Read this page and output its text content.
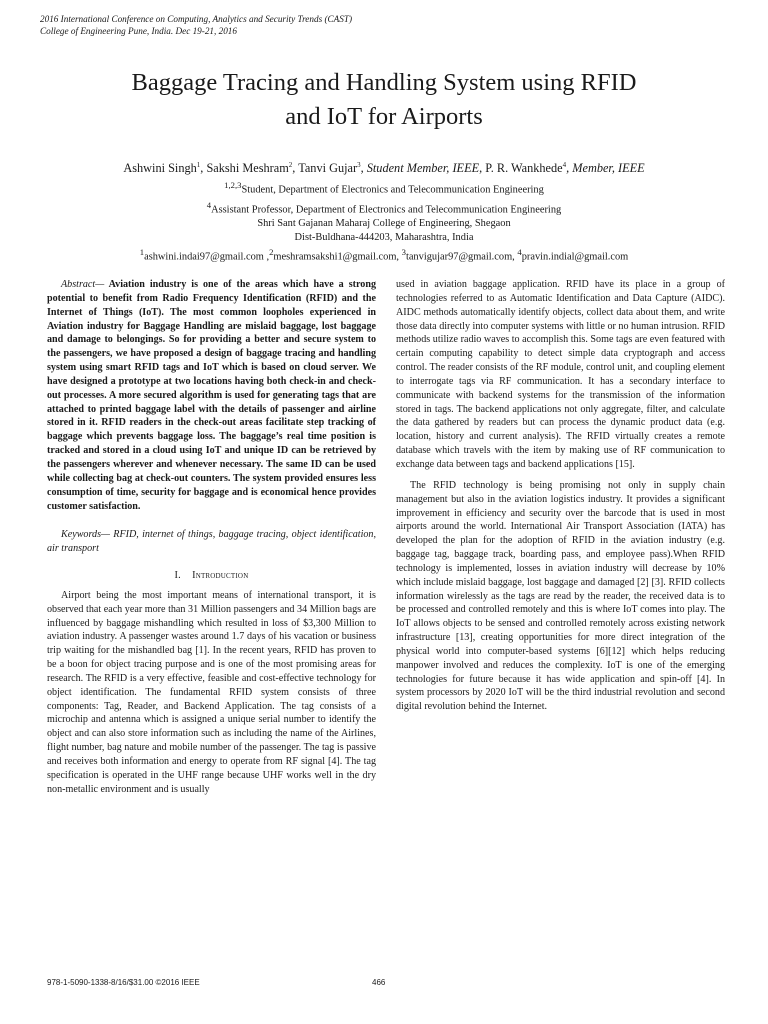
2016 International Conference on Computing, Analytics and Security Trends (CAST)
College of Engineering Pune, India. Dec 19-21, 2016
Baggage Tracing and Handling System using RFID
and IoT for Airports
Ashwini Singh$^1$, Sakshi Meshram$^2$, Tanvi Gujar$^3$, Student Member, IEEE, P. R. Wankhede$^4$, Member, IEEE
$^{1,2,3}$Student, Department of Electronics and Telecommunication Engineering
$^4$Assistant Professor, Department of Electronics and Telecommunication Engineering
Shri Sant Gajanan Maharaj College of Engineering, Shegaon
Dist-Buldhana-444203, Maharashtra, India
$^1$ashwini.indai97@gmail.com ,$^2$meshramsakshi1@gmail.com, $^3$tanvigujar97@gmail.com, $^4$pravin.indial@gmail.com

Abstract— Aviation industry is one of the areas which have a strong potential to benefit from Radio Frequency Identification (RFID) and the Internet of Things (IoT). The most common loopholes experienced in Aviation industry for Baggage Handling are mislaid baggage, lost baggage and damage to belongings. So for providing a better and secure system to the passengers, we have proposed a design of baggage tracing and handling system using smart RFID tags and IoT which is based on cloud server. We have designed a prototype at two locations having both check-in and check-out processes. A more secured algorithm is used for generating tags that are attached to printed baggage label with the details of passenger and airline stored in it. RFID readers in the check-out areas facilitate step tracking of baggage which prevents baggage loss. The baggage’s real time position is tracked and stored in a cloud using IoT and unique ID can be retrieved by the passengers wherever and whenever necessary. The same ID can be used while collecting bag at check-out counters. The system provided ensures less consumption of time, security for baggage and is economical hence provides customer satisfaction.

Keywords— RFID, internet of things, baggage tracing, object identification, air transport

I. Introduction

Airport being the most important means of international transport, it is observed that each year more than 31 Million passengers and 34 Million bags are influenced by baggage mishandling which resulted in loss of $3,300 Million to aviation industry. A passenger wastes around 1.7 days of his vacation or business trip waiting for the mishandled bag [1]. In the recent years, RFID has proven to be a boon for object tracing purpose and is one of the most promising areas for research. The RFID is a very effective, feasible and cost-effective technology for object identification. The fundamental RFID system consists of three components: Tag, Reader, and Backend Application. The tag consists of a microchip and antenna which is assigned a unique serial number to identify the object and can also store information such as including the name of the Airlines, flight number, bag nature and mobile number of the passenger. The tag is passive and receives both information and energy to operate from RF signal [4]. The tag specification is operated in the UHF range because UHF works well in the dry non-metallic environment and is usually

used in aviation baggage application. RFID have its place in a group of technologies referred to as Automatic Identification and Data Capture (AIDC). AIDC methods automatically identify objects, collect data about them, and write those data directly into computer systems with little or no human intrusion. RFID methods utilize radio waves to accomplish this. Some tags are even featured with certain computing capability to detect simple data cryptograph and access control. The reader consists of the RF module, control unit, and coupling element to interrogate tags via RF communication. It has a secondary interface to communicate with backend systems for the transmission of the information stored in tags. The backend applications not only aggregate, filter, and calculate the data gathered by readers but can process the dynamic product data (e.g. location, history and current analysis). The RFID virtually creates a remote database which travels with the item by making use of RF communication to exchange data between tags and backend applications [15].

The RFID technology is being promising not only in supply chain management but also in the aviation logistics industry. It provides a significant improvement in efficiency and security over the barcode that is used in most airports around the world. International Air Transport Association (IATA) has developed the plan for the adoption of RFID in the aviation industry (e.g. baggage tag, baggage track, boarding pass, and employee pass).When RFID technology is implemented, losses in aviation industry will decrease by 10% which include mislaid baggage, lost baggage and damaged [2] [3]. RFID collects information wirelessly as the tags are read by the reader, the received data is to be processed and controlled remotely and this is where IoT comes into play. The IoT allows objects to be sensed and controlled remotely across existing network infrastructure [13], creating opportunities for more direct integration of the physical world into computer-based systems [6][12] which helps reducing manpower involved and reduces the complexity. IoT is one of the emerging technologies for future because it has wide application and spin-off [4]. In system processors by 2020 IoT will be the third industrial revolution and second digital revolution behind the Internet.

978-1-5090-1338-8/16/$31.00 ©2016 IEEE	466
